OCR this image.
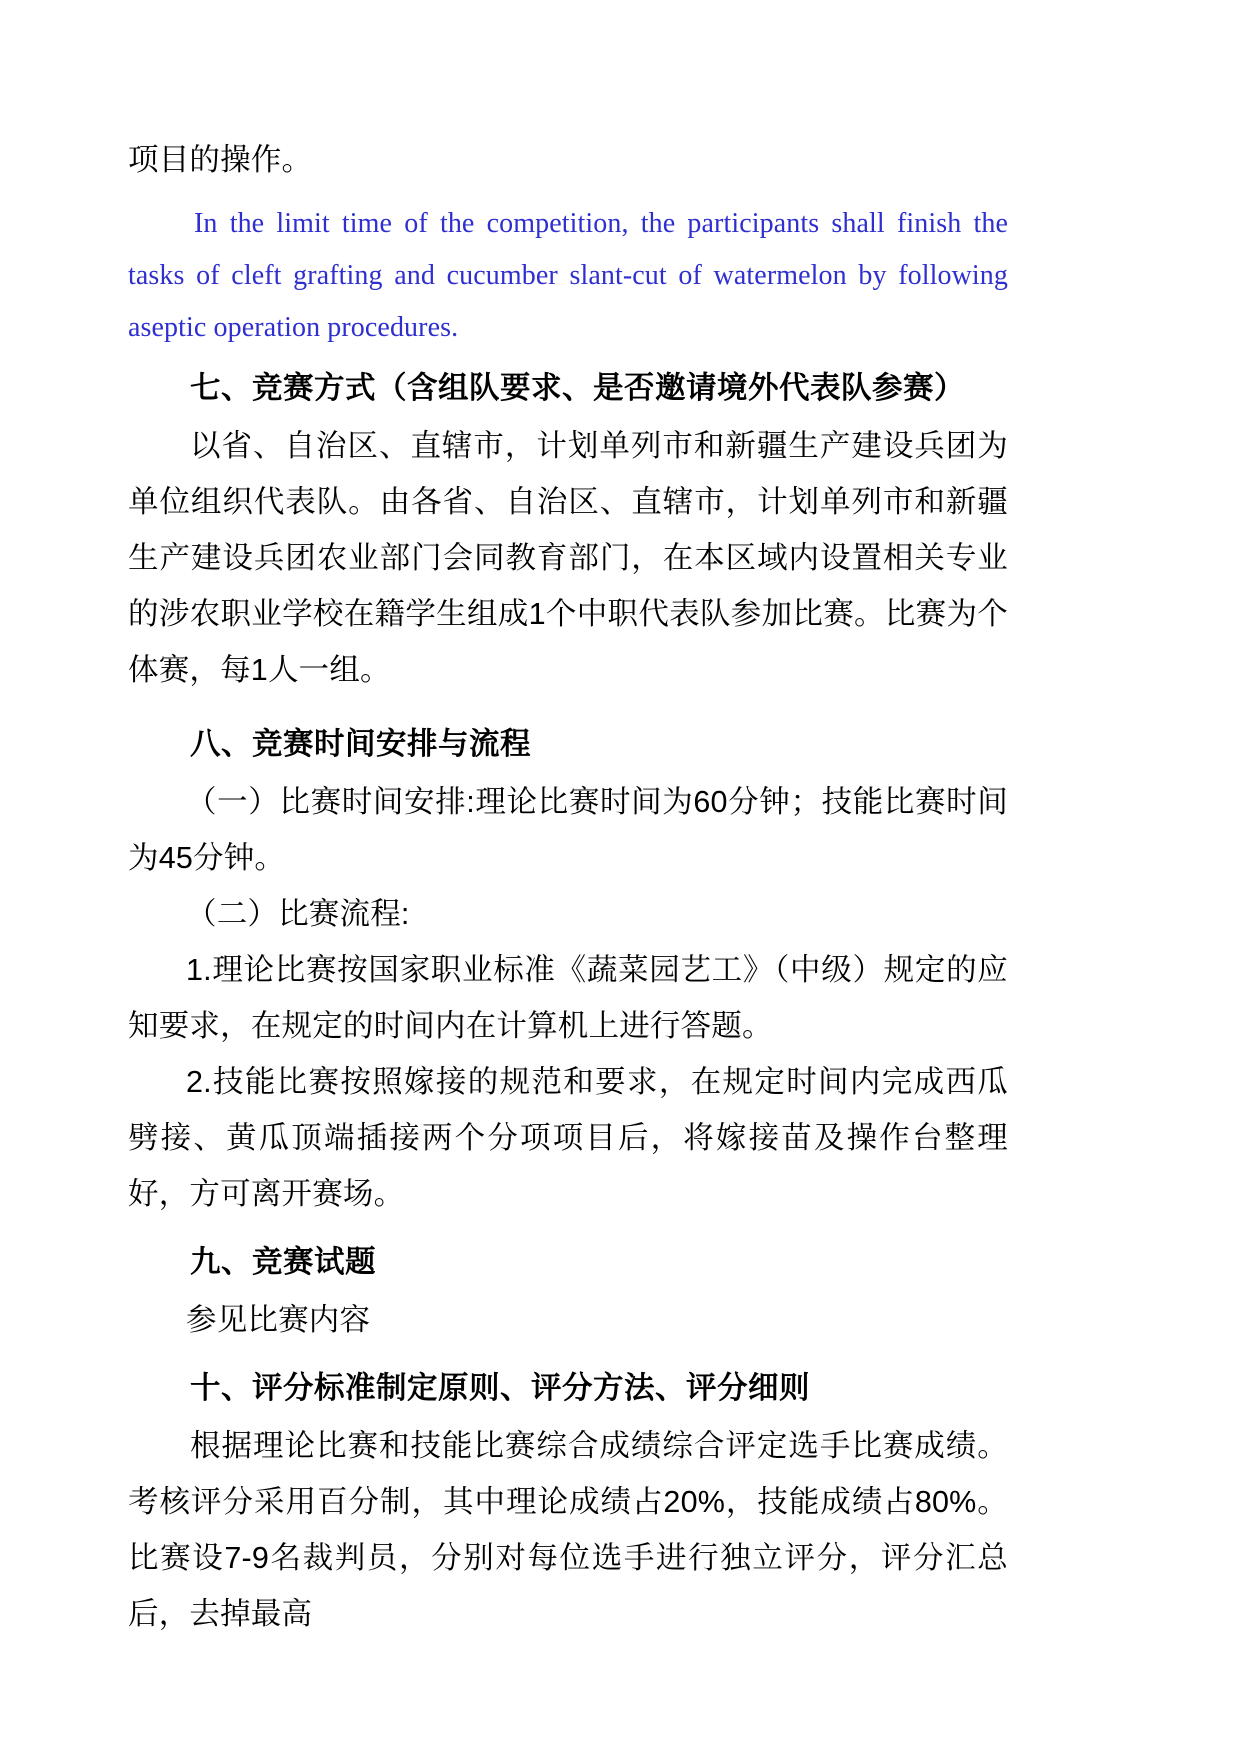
项目的操作。

In the limit time of the competition, the participants shall finish the tasks of cleft grafting and cucumber slant-cut of watermelon by following aseptic operation procedures.

七、竞赛方式（含组队要求、是否邀请境外代表队参赛）

以省、自治区、直辖市，计划单列市和新疆生产建设兵团为单位组织代表队。由各省、自治区、直辖市，计划单列市和新疆生产建设兵团农业部门会同教育部门，在本区域内设置相关专业的涉农职业学校在籍学生组成1个中职代表队参加比赛。比赛为个体赛，每1人一组。

八、竞赛时间安排与流程

（一）比赛时间安排:理论比赛时间为60分钟；技能比赛时间为45分钟。

（二）比赛流程:

1.理论比赛按国家职业标准《蔬菜园艺工》（中级）规定的应知要求，在规定的时间内在计算机上进行答题。

2.技能比赛按照嫁接的规范和要求，在规定时间内完成西瓜劈接、黄瓜顶端插接两个分项项目后，将嫁接苗及操作台整理好，方可离开赛场。

九、竞赛试题

参见比赛内容

十、评分标准制定原则、评分方法、评分细则

根据理论比赛和技能比赛综合成绩综合评定选手比赛成绩。考核评分采用百分制，其中理论成绩占20%，技能成绩占80%。比赛设7-9名裁判员，分别对每位选手进行独立评分，评分汇总后，去掉最高
